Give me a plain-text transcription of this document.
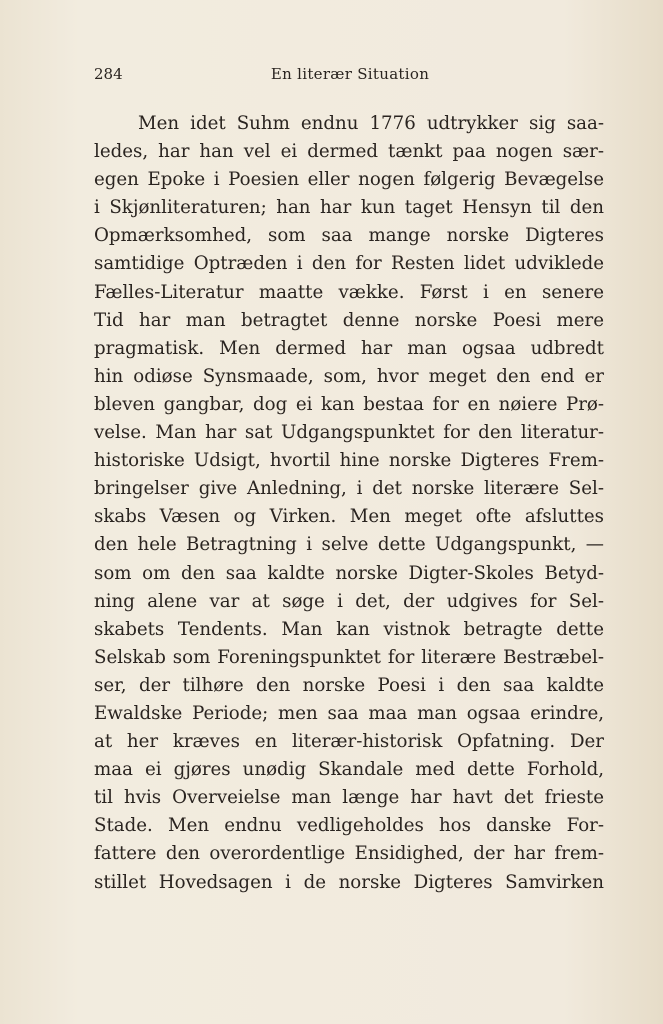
284	En literær Situation
Men idet Suhm endnu 1776 udtrykker sig saa-
ledes, har han vel ei dermed tænkt paa nogen sær-
egen Epoke i Poesien eller nogen følgerig Bevægelse
i Skjønliteraturen; han har kun taget Hensyn til den
Opmærksomhed, som saa mange norske Digteres
samtidige Optræden i den for Resten lidet udviklede
Fælles-Literatur maatte vække. Først i en senere
Tid har man betragtet denne norske Poesi mere
pragmatisk. Men dermed har man ogsaa udbredt
hin odiøse Synsmaade, som, hvor meget den end er
bleven gangbar, dog ei kan bestaa for en nøiere Prø-
velse. Man har sat Udgangspunktet for den literatur-
historiske Udsigt, hvortil hine norske Digteres Frem-
bringelser give Anledning, i det norske literære Sel-
skabs Væsen og Virken. Men meget ofte afsluttes
den hele Betragtning i selve dette Udgangspunkt, —
som om den saa kaldte norske Digter-Skoles Betyd-
ning alene var at søge i det, der udgives for Sel-
skabets Tendents. Man kan vistnok betragte dette
Selskab som Foreningspunktet for literære Bestræbel-
ser, der tilhøre den norske Poesi i den saa kaldte
Ewaldske Periode; men saa maa man ogsaa erindre,
at her kræves en literær-historisk Opfatning. Der
maa ei gjøres unødig Skandale med dette Forhold,
til hvis Overveielse man længe har havt det frieste
Stade. Men endnu vedligeholdes hos danske For-
fattere den overordentlige Ensidighed, der har frem-
stillet Hovedsagen i de norske Digteres Samvirken
